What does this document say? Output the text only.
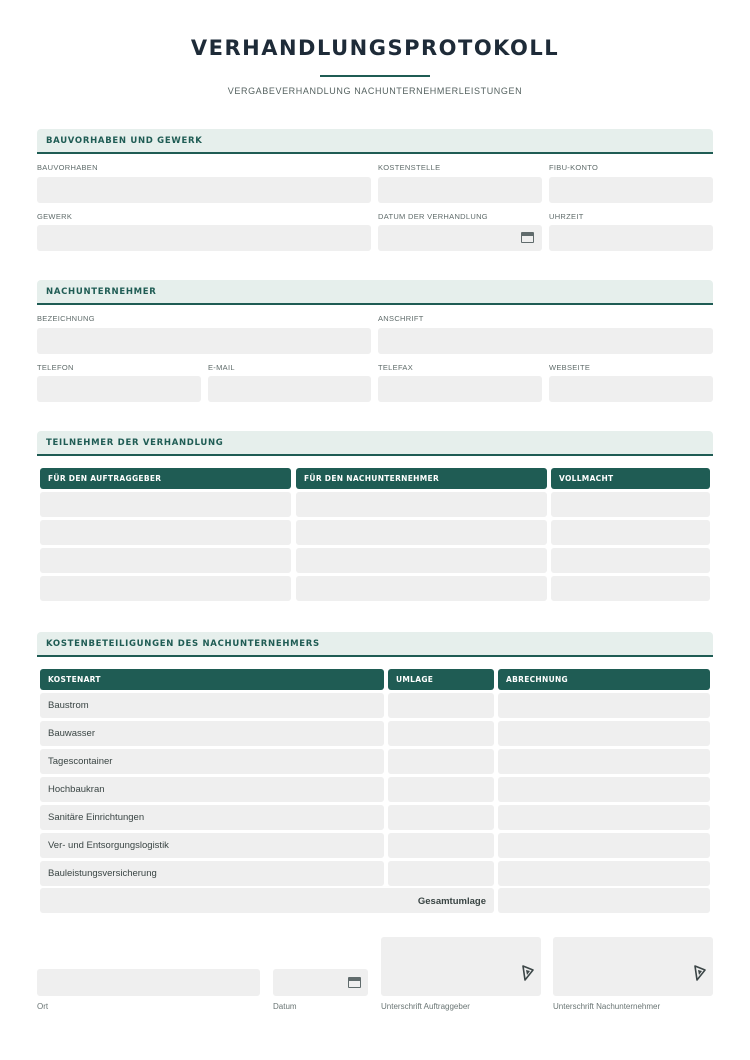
VERHANDLUNGSPROTOKOLL
VERGABEVERHANDLUNG NACHUNTERNEHMERLEISTUNGEN
BAUVORHABEN UND GEWERK
BAUVORHABEN	KOSTENSTELLE	FIBU-KONTO
GEWERK	DATUM DER VERHANDLUNG	UHRZEIT
NACHUNTERNEHMER
BEZEICHNUNG	ANSCHRIFT
TELEFON	E-MAIL	TELEFAX	WEBSEITE
TEILNEHMER DER VERHANDLUNG
FÜR DEN AUFTRAGGEBER	FÜR DEN NACHUNTERNEHMER	VOLLMACHT
KOSTENBETEILIGUNGEN DES NACHUNTERNEHMERS
KOSTENART	UMLAGE	ABRECHNUNG
Baustrom
Bauwasser
Tagescontainer
Hochbaukran
Sanitäre Einrichtungen
Ver- und Entsorgungslogistik
Bauleistungsversicherung
Gesamtumlage
Ort	Datum	Unterschrift Auftraggeber	Unterschrift Nachunternehmer
